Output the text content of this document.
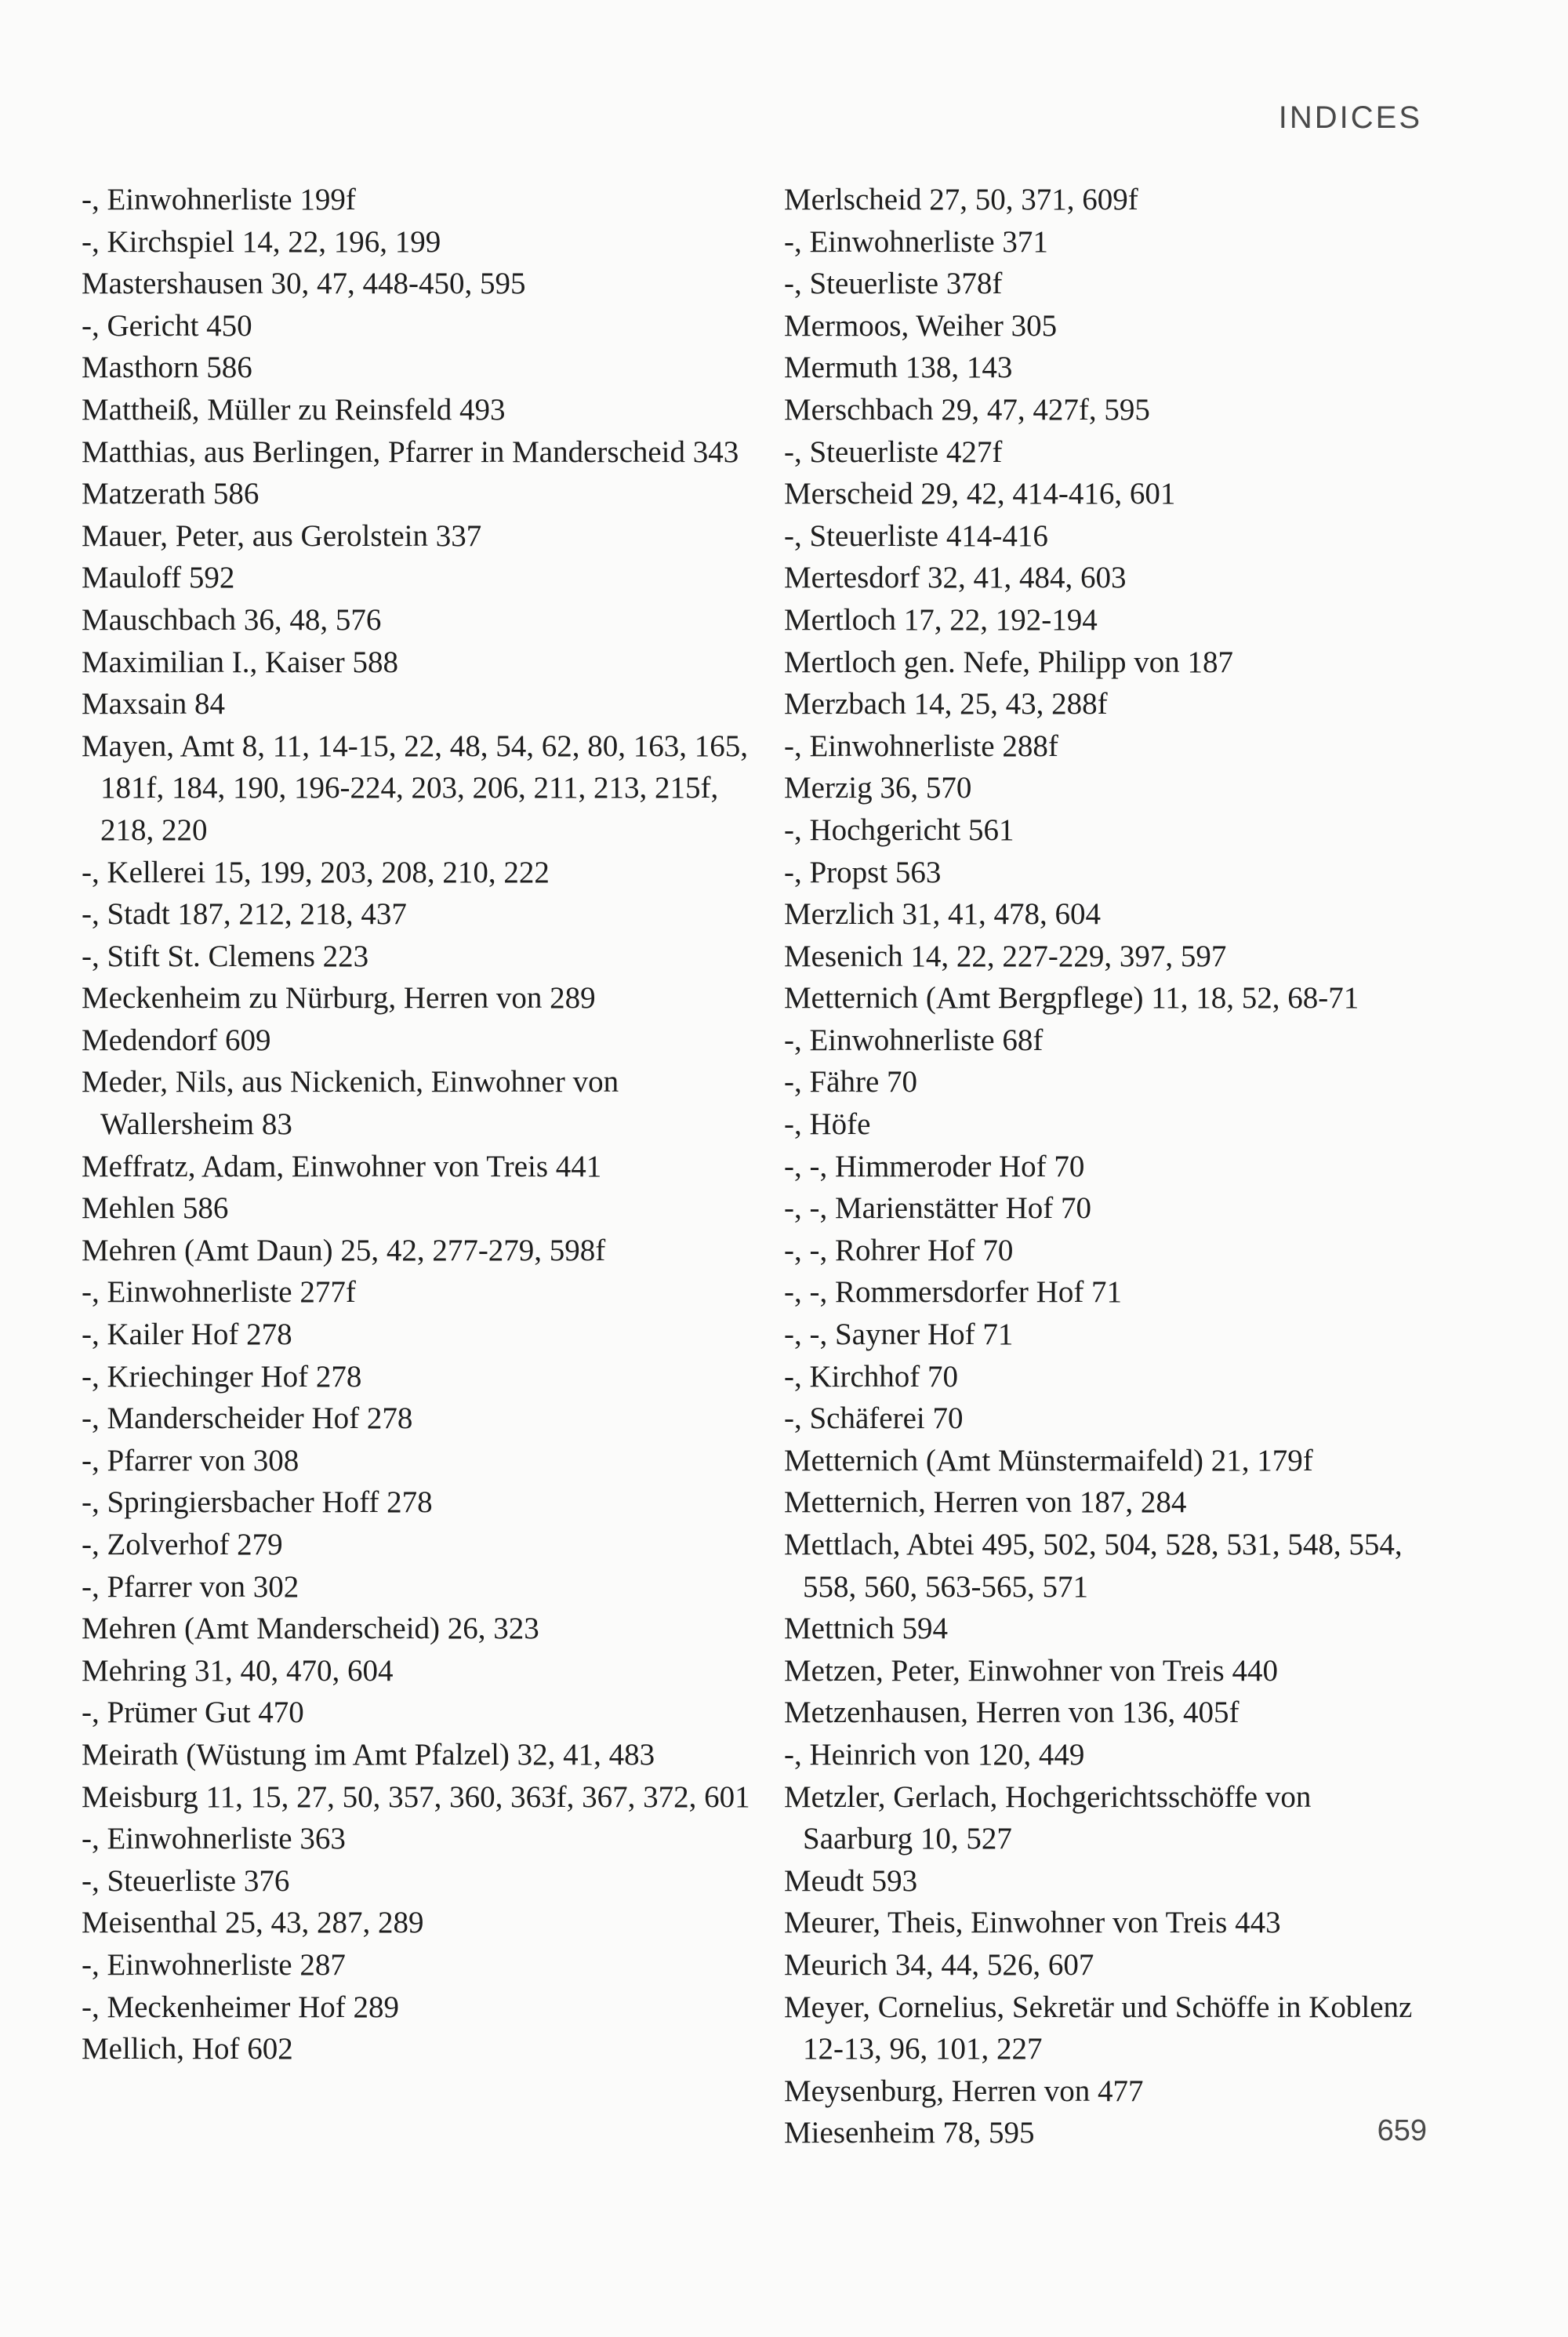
INDICES
-, Einwohnerliste 199f
-, Kirchspiel 14, 22, 196, 199
Mastershausen 30, 47, 448-450, 595
-, Gericht 450
Masthorn 586
Mattheiß, Müller zu Reinsfeld 493
Matthias, aus Berlingen, Pfarrer in Manderscheid 343
Matzerath 586
Mauer, Peter, aus Gerolstein 337
Mauloff 592
Mauschbach 36, 48, 576
Maximilian I., Kaiser 588
Maxsain 84
Mayen, Amt 8, 11, 14-15, 22, 48, 54, 62, 80, 163, 165, 181f, 184, 190, 196-224, 203, 206, 211, 213, 215f, 218, 220
-, Kellerei 15, 199, 203, 208, 210, 222
-, Stadt 187, 212, 218, 437
-, Stift St. Clemens 223
Meckenheim zu Nürburg, Herren von 289
Medendorf 609
Meder, Nils, aus Nickenich, Einwohner von Wallersheim 83
Meffratz, Adam, Einwohner von Treis 441
Mehlen 586
Mehren (Amt Daun) 25, 42, 277-279, 598f
-, Einwohnerliste 277f
-, Kailer Hof 278
-, Kriechinger Hof 278
-, Manderscheider Hof 278
-, Pfarrer von 308
-, Springiersbacher Hoff 278
-, Zolverhof 279
-, Pfarrer von 302
Mehren (Amt Manderscheid) 26, 323
Mehring 31, 40, 470, 604
-, Prümer Gut 470
Meirath (Wüstung im Amt Pfalzel) 32, 41, 483
Meisburg 11, 15, 27, 50, 357, 360, 363f, 367, 372, 601
-, Einwohnerliste 363
-, Steuerliste 376
Meisenthal 25, 43, 287, 289
-, Einwohnerliste 287
-, Meckenheimer Hof 289
Mellich, Hof 602
Merlscheid 27, 50, 371, 609f
-, Einwohnerliste 371
-, Steuerliste 378f
Mermoos, Weiher 305
Mermuth 138, 143
Merschbach 29, 47, 427f, 595
-, Steuerliste 427f
Merscheid 29, 42, 414-416, 601
-, Steuerliste 414-416
Mertesdorf 32, 41, 484, 603
Mertloch 17, 22, 192-194
Mertloch gen. Nefe, Philipp von 187
Merzbach 14, 25, 43, 288f
-, Einwohnerliste 288f
Merzig 36, 570
-, Hochgericht 561
-, Propst 563
Merzlich 31, 41, 478, 604
Mesenich 14, 22, 227-229, 397, 597
Metternich (Amt Bergpflege) 11, 18, 52, 68-71
-, Einwohnerliste 68f
-, Fähre 70
-, Höfe
-, -, Himmeroder Hof 70
-, -, Marienstätter Hof 70
-, -, Rohrer Hof 70
-, -, Rommersdorfer Hof 71
-, -, Sayner Hof 71
-, Kirchhof 70
-, Schäferei 70
Metternich (Amt Münstermaifeld) 21, 179f
Metternich, Herren von 187, 284
Mettlach, Abtei 495, 502, 504, 528, 531, 548, 554, 558, 560, 563-565, 571
Mettnich 594
Metzen, Peter, Einwohner von Treis 440
Metzenhausen, Herren von 136, 405f
-, Heinrich von 120, 449
Metzler, Gerlach, Hochgerichtsschöffe von Saarburg 10, 527
Meudt 593
Meurer, Theis, Einwohner von Treis 443
Meurich 34, 44, 526, 607
Meyer, Cornelius, Sekretär und Schöffe in Koblenz 12-13, 96, 101, 227
Meysenburg, Herren von 477
Miesenheim 78, 595	659
